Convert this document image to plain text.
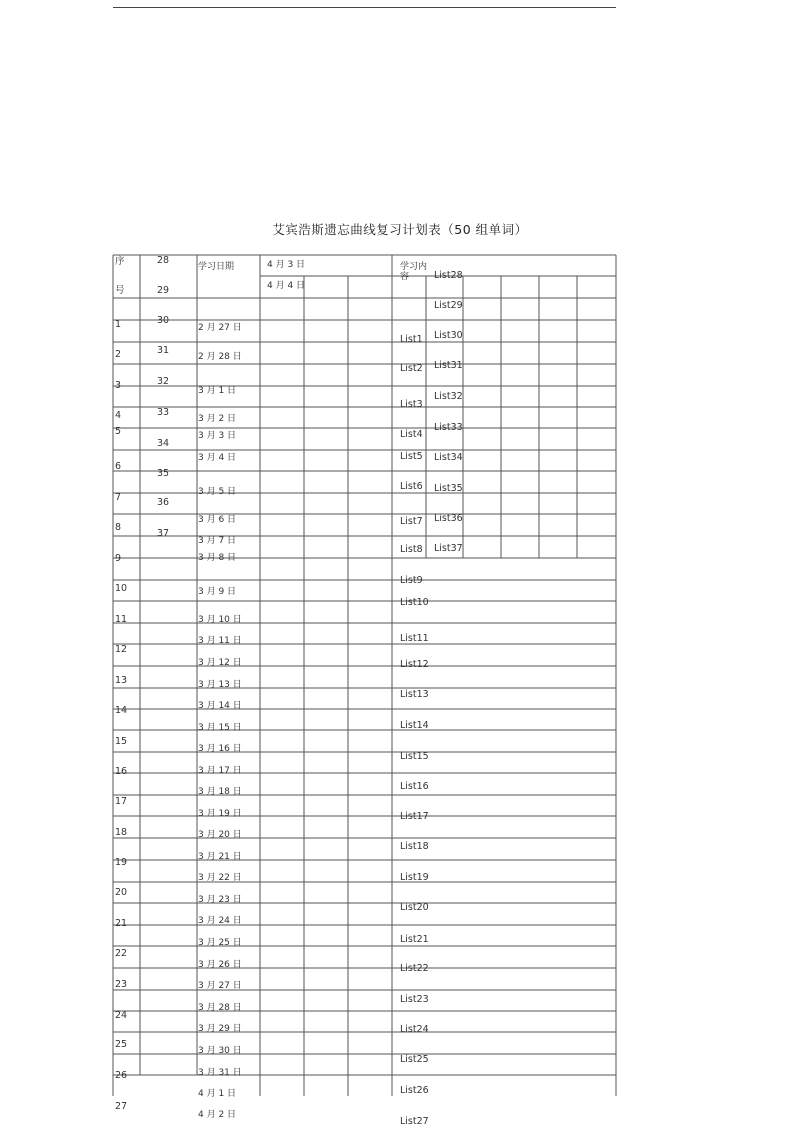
艾宾浩斯遗忘曲线复习计划表（50 组单词）
序
号
学习日期	4 月 3 日
4 月 4 日
学习内
容
1
2
3
4
5
6
7
8
9
10
11
12
13
14
15
16
17
18
19
20
21
22
23
24
25
26
27
28
29
30
31
32
33
34
35
36
37
2 月 27 日
2 月 28 日
3 月 1 日
3 月 2 日
3 月 3 日
3 月 4 日
3 月 5 日
3 月 6 日
3 月 7 日
3 月 8 日
3 月 9 日
3 月 10 日
3 月 11 日
3 月 12 日
3 月 13 日
3 月 14 日
3 月 15 日
3 月 16 日
3 月 17 日
3 月 18 日
3 月 19 日
3 月 20 日
3 月 21 日
3 月 22 日
3 月 23 日
3 月 24 日
3 月 25 日
3 月 26 日
3 月 27 日
3 月 28 日
3 月 29 日
3 月 30 日
3 月 31 日
4 月 1 日
4 月 2 日
List1
List2
List3
List4
List5
List6
List7
List8
List9
List10
List11
List12
List13
List14
List15
List16
List17
List18
List19
List20
List21
List22
List23
List24
List25
List26
List27
List28
List29
List30
List31
List32
List33
List34
List35
List36
List37
